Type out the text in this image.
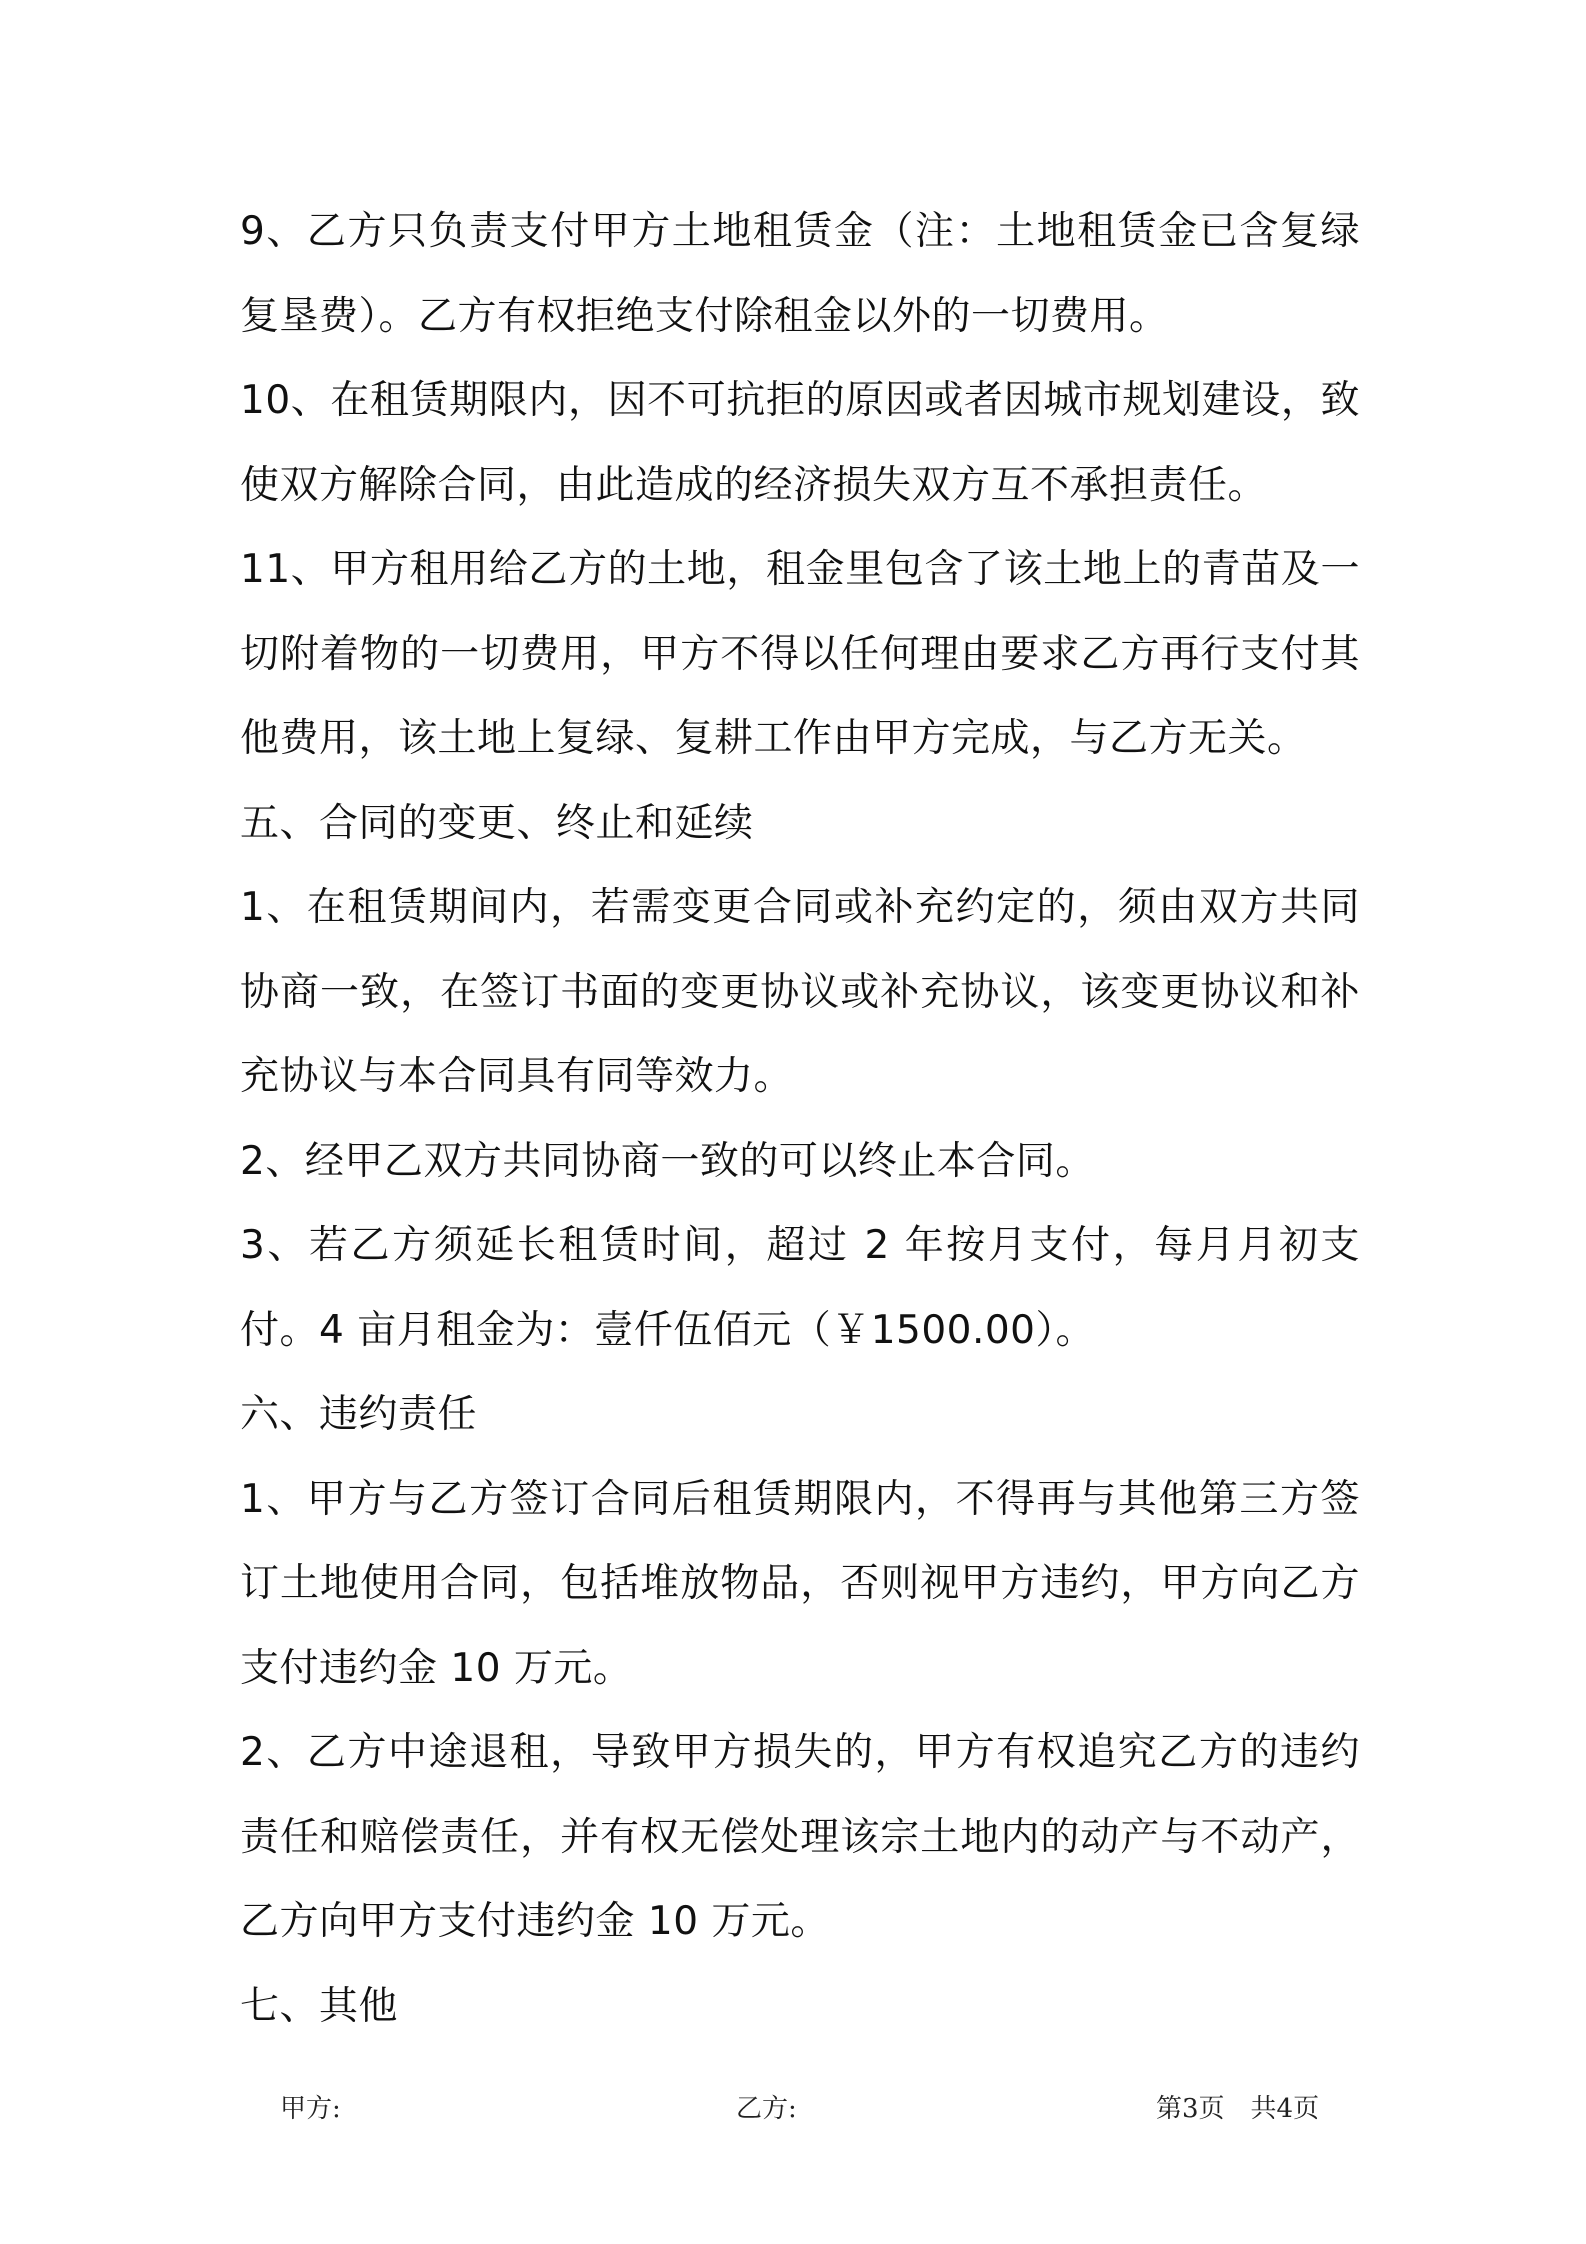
9、乙方只负责支付甲方土地租赁金（注：土地租赁金已含复绿复垦费）。乙方有权拒绝支付除租金以外的一切费用。

10、在租赁期限内，因不可抗拒的原因或者因城市规划建设，致使双方解除合同，由此造成的经济损失双方互不承担责任。

11、甲方租用给乙方的土地，租金里包含了该土地上的青苗及一切附着物的一切费用，甲方不得以任何理由要求乙方再行支付其他费用，该土地上复绿、复耕工作由甲方完成，与乙方无关。

五、合同的变更、终止和延续

1、在租赁期间内，若需变更合同或补充约定的，须由双方共同协商一致，在签订书面的变更协议或补充协议，该变更协议和补充协议与本合同具有同等效力。

2、经甲乙双方共同协商一致的可以终止本合同。

3、若乙方须延长租赁时间，超过 2 年按月支付，每月月初支付。4 亩月租金为：壹仟伍佰元（￥1500.00）。

六、违约责任

1、甲方与乙方签订合同后租赁期限内，不得再与其他第三方签订土地使用合同，包括堆放物品，否则视甲方违约，甲方向乙方支付违约金 10 万元。

2、乙方中途退租，导致甲方损失的，甲方有权追究乙方的违约责任和赔偿责任，并有权无偿处理该宗土地内的动产与不动产，乙方向甲方支付违约金 10 万元。

七、其他

甲方:	乙方:	第3页　共4页
